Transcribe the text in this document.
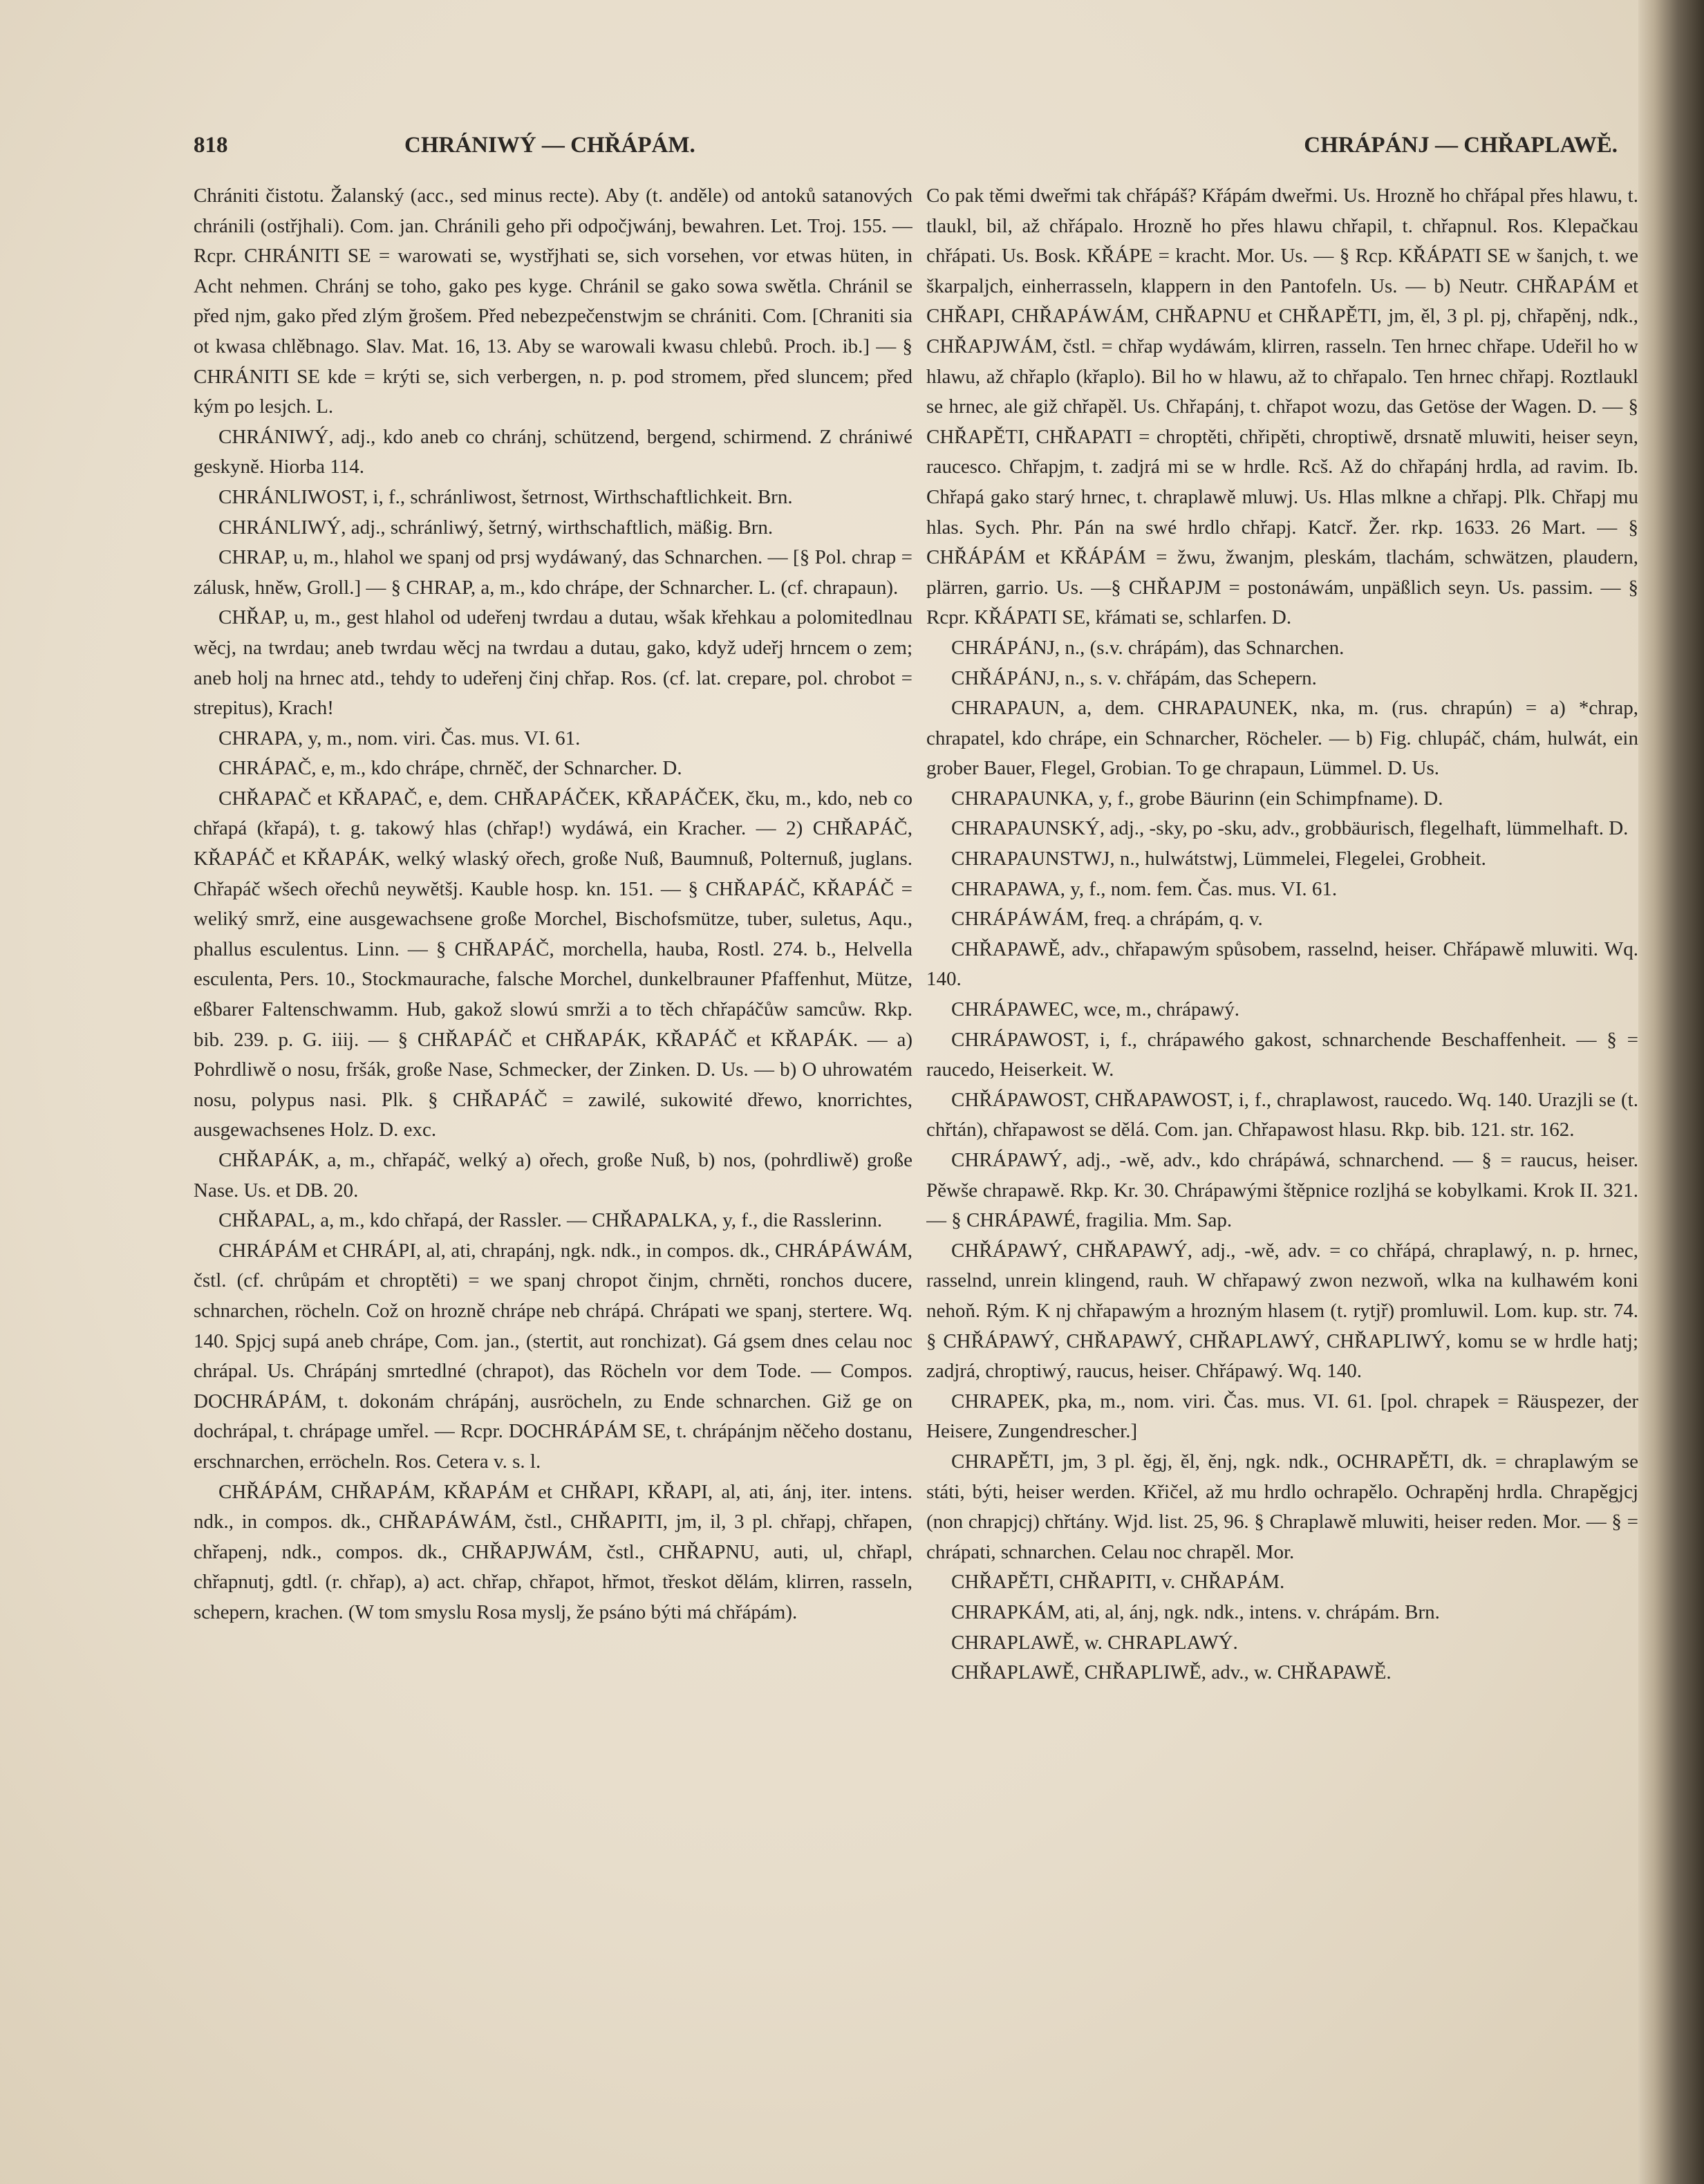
818	CHRÁNIWÝ — CHŘÁPÁM.	CHRÁPÁNJ — CHŘAPLAWĚ.

Chrániti čistotu. Žalanský (acc., sed minus recte). Aby (t. anděle) od antoků satanových chránili (ostřjhali). Com. jan. Chránili geho při odpočjwánj, bewahren. Let. Troj. 155. — Rcpr. CHRÁNITI SE = warowati se, wystřjhati se, sich vorsehen, vor etwas hüten, in Acht nehmen. Chránj se toho, gako pes kyge. Chránil se gako sowa swětla. Chránil se před njm, gako před zlým ğrošem. Před nebezpečenstwjm se chrániti. Com. [Chraniti sia ot kwasa chlěbnago. Slav. Mat. 16, 13. Aby se warowali kwasu chlebů. Proch. ib.] — § CHRÁNITI SE kde = krýti se, sich verbergen, n. p. pod stromem, před sluncem; před kým po lesjch. L.

CHRÁNIWÝ, adj., kdo aneb co chránj, schützend, bergend, schirmend. Z chrániwé geskyně. Hiorba 114.

CHRÁNLIWOST, i, f., schránliwost, šetrnost, Wirthschaftlichkeit. Brn.

CHRÁNLIWÝ, adj., schránliwý, šetrný, wirthschaftlich, mäßig. Brn.

CHRAP, u, m., hlahol we spanj od prsj wydáwaný, das Schnarchen. — [§ Pol. chrap = zálusk, hněw, Groll.] — § CHRAP, a, m., kdo chrápe, der Schnarcher. L. (cf. chrapaun).

CHŘAP, u, m., gest hlahol od udeřenj twrdau a dutau, wšak křehkau a polomitedlnau wěcj, na twrdau; aneb twrdau wěcj na twrdau a dutau, gako, když udeřj hrncem o zem; aneb holj na hrnec atd., tehdy to udeřenj činj chřap. Ros. (cf. lat. crepare, pol. chrobot = strepitus), Krach!

CHRAPA, y, m., nom. viri. Čas. mus. VI. 61.

CHRÁPAČ, e, m., kdo chrápe, chrněč, der Schnarcher. D.

CHŘAPAČ et KŘAPAČ, e, dem. CHŘAPÁČEK, KŘAPÁČEK, čku, m., kdo, neb co chřapá (křapá), t. g. takowý hlas (chřap!) wydáwá, ein Kracher. — 2) CHŘAPÁČ, KŘAPÁČ et KŘAPÁK, welký wlaský ořech, große Nuß, Baumnuß, Polternuß, juglans. Chřapáč wšech ořechů neywětšj. Kauble hosp. kn. 151. — § CHŘAPÁČ, KŘAPÁČ = weliký smrž, eine ausgewachsene große Morchel, Bischofsmütze, tuber, suletus, Aqu., phallus esculentus. Linn. — § CHŘAPÁČ, morchella, hauba, Rostl. 274. b., Helvella esculenta, Pers. 10., Stockmaurache, falsche Morchel, dunkelbrauner Pfaffenhut, Mütze, eßbarer Faltenschwamm. Hub, gakož slowú smrži a to těch chřapáčůw samcůw. Rkp. bib. 239. p. G. iiij. — § CHŘAPÁČ et CHŘAPÁK, KŘAPÁČ et KŘAPÁK. — a) Pohrdliwě o nosu, fršák, große Nase, Schmecker, der Zinken. D. Us. — b) O uhrowatém nosu, polypus nasi. Plk. § CHŘAPÁČ = zawilé, sukowité dřewo, knorrichtes, ausgewachsenes Holz. D. exc.

CHŘAPÁK, a, m., chřapáč, welký a) ořech, große Nuß, b) nos, (pohrdliwě) große Nase. Us. et DB. 20.

CHŘAPAL, a, m., kdo chřapá, der Rassler. — CHŘAPALKA, y, f., die Rasslerinn.

CHRÁPÁM et CHRÁPI, al, ati, chrapánj, ngk. ndk., in compos. dk., CHRÁPÁWÁM, čstl. (cf. chrůpám et chroptěti) = we spanj chropot činjm, chrněti, ronchos ducere, schnarchen, röcheln. Což on hrozně chrápe neb chrápá. Chrápati we spanj, stertere. Wq. 140. Spjcj supá aneb chrápe, Com. jan., (stertit, aut ronchizat). Gá gsem dnes celau noc chrápal. Us. Chrápánj smrtedlné (chrapot), das Röcheln vor dem Tode. — Compos. DOCHRÁPÁM, t. dokonám chrápánj, ausröcheln, zu Ende schnarchen. Giž ge on dochrápal, t. chrápage umřel. — Rcpr. DOCHRÁPÁM SE, t. chrápánjm něčeho dostanu, erschnarchen, erröcheln. Ros. Cetera v. s. l.

CHŘÁPÁM, CHŘAPÁM, KŘAPÁM et CHŘAPI, KŘAPI, al, ati, ánj, iter. intens. ndk., in compos. dk., CHŘAPÁWÁM, čstl., CHŘAPITI, jm, il, 3 pl. chřapj, chřapen, chřapenj, ndk., compos. dk., CHŘAPJWÁM, čstl., CHŘAPNU, auti, ul, chřapl, chřapnutj, gdtl. (r. chřap), a) act. chřap, chřapot, hřmot, třeskot dělám, klirren, rasseln, schepern, krachen. (W tom smyslu Rosa myslj, že psáno býti má chřápám).

Co pak těmi dweřmi tak chřápáš? Křápám dweřmi. Us. Hrozně ho chřápal přes hlawu, t. tlaukl, bil, až chřápalo. Hrozně ho přes hlawu chřapil, t. chřapnul. Ros. Klepačkau chřápati. Us. Bosk. KŘÁPE = kracht. Mor. Us. — § Rcp. KŘÁPATI SE w šanjch, t. we škarpaljch, einherrasseln, klappern in den Pantofeln. Us. — b) Neutr. CHŘAPÁM et CHŘAPI, CHŘAPÁWÁM, CHŘAPNU et CHŘAPĚTI, jm, ěl, 3 pl. pj, chřapěnj, ndk., CHŘAPJWÁM, čstl. = chřap wydáwám, klirren, rasseln. Ten hrnec chřape. Udeřil ho w hlawu, až chřaplo (křaplo). Bil ho w hlawu, až to chřapalo. Ten hrnec chřapj. Roztlaukl se hrnec, ale giž chřapěl. Us. Chřapánj, t. chřapot wozu, das Getöse der Wagen. D. — § CHŘAPĚTI, CHŘAPATI = chroptěti, chřipěti, chroptiwě, drsnatě mluwiti, heiser seyn, raucesco. Chřapjm, t. zadjrá mi se w hrdle. Rcš. Až do chřapánj hrdla, ad ravim. Ib. Chřapá gako starý hrnec, t. chraplawě mluwj. Us. Hlas mlkne a chřapj. Plk. Chřapj mu hlas. Sych. Phr. Pán na swé hrdlo chřapj. Katcř. Žer. rkp. 1633. 26 Mart. — § CHŘÁPÁM et KŘÁPÁM = žwu, žwanjm, pleskám, tlachám, schwätzen, plaudern, plärren, garrio. Us. —§ CHŘAPJM = postonáwám, unpäßlich seyn. Us. passim. — § Rcpr. KŘÁPATI SE, křámati se, schlarfen. D.

CHRÁPÁNJ, n., (s.v. chrápám), das Schnarchen.

CHŘÁPÁNJ, n., s. v. chřápám, das Schepern.

CHRAPAUN, a, dem. CHRAPAUNEK, nka, m. (rus. chrapún) = a) *chrap, chrapatel, kdo chrápe, ein Schnarcher, Röcheler. — b) Fig. chlupáč, chám, hulwát, ein grober Bauer, Flegel, Grobian. To ge chrapaun, Lümmel. D. Us.

CHRAPAUNKA, y, f., grobe Bäurinn (ein Schimpfname). D.

CHRAPAUNSKÝ, adj., -sky, po -sku, adv., grobbäurisch, flegelhaft, lümmelhaft. D.

CHRAPAUNSTWJ, n., hulwátstwj, Lümmelei, Flegelei, Grobheit.

CHRAPAWA, y, f., nom. fem. Čas. mus. VI. 61.

CHRÁPÁWÁM, freq. a chrápám, q. v.

CHŘAPAWĚ, adv., chřapawým spůsobem, rasselnd, heiser. Chřápawě mluwiti. Wq. 140.

CHRÁPAWEC, wce, m., chrápawý.

CHRÁPAWOST, i, f., chrápawého gakost, schnarchende Beschaffenheit. — § = raucedo, Heiserkeit. W.

CHŘÁPAWOST, CHŘAPAWOST, i, f., chraplawost, raucedo. Wq. 140. Urazjli se (t. chřtán), chřapawost se dělá. Com. jan. Chřapawost hlasu. Rkp. bib. 121. str. 162.

CHRÁPAWÝ, adj., -wě, adv., kdo chrápáwá, schnarchend. — § = raucus, heiser. Pěwše chrapawě. Rkp. Kr. 30. Chrápawými štěpnice rozljhá se kobylkami. Krok II. 321. — § CHRÁPAWÉ, fragilia. Mm. Sap.

CHŘÁPAWÝ, CHŘAPAWÝ, adj., -wě, adv. = co chřápá, chraplawý, n. p. hrnec, rasselnd, unrein klingend, rauh. W chřapawý zwon nezwoň, wlka na kulhawém koni nehoň. Rým. K nj chřapawým a hrozným hlasem (t. rytjř) promluwil. Lom. kup. str. 74. § CHŘÁPAWÝ, CHŘAPAWÝ, CHŘAPLAWÝ, CHŘAPLIWÝ, komu se w hrdle hatj; zadjrá, chroptiwý, raucus, heiser. Chřápawý. Wq. 140.

CHRAPEK, pka, m., nom. viri. Čas. mus. VI. 61. [pol. chrapek = Räuspezer, der Heisere, Zungendrescher.]

CHRAPĚTI, jm, 3 pl. ěgj, ěl, ěnj, ngk. ndk., OCHRAPĚTI, dk. = chraplawým se státi, býti, heiser werden. Křičel, až mu hrdlo ochrapělo. Ochrapěnj hrdla. Chrapěgjcj (non chrapjcj) chřtány. Wjd. list. 25, 96. § Chraplawě mluwiti, heiser reden. Mor. — § = chrápati, schnarchen. Celau noc chrapěl. Mor.

CHŘAPĚTI, CHŘAPITI, v. CHŘAPÁM.

CHRAPKÁM, ati, al, ánj, ngk. ndk., intens. v. chrápám. Brn.

CHRAPLAWĚ, w. CHRAPLAWÝ.

CHŘAPLAWĚ, CHŘAPLIWĚ, adv., w. CHŘAPAWĚ.
